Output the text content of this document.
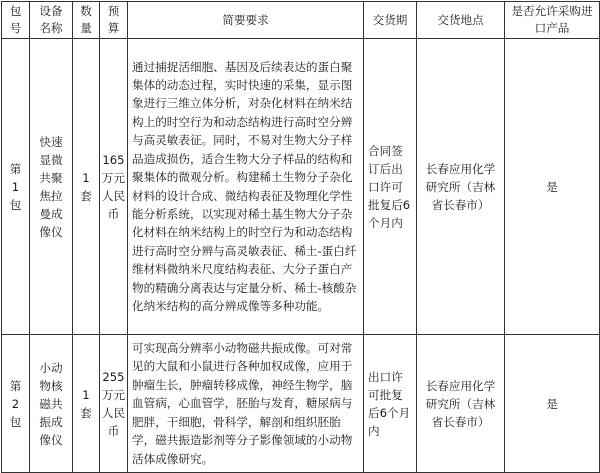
包号	设备名称	数量	预算	简要要求	交货期	交货地点	是否允许采购进口产品
第1包	快速显微共聚焦拉曼成像仪	1套	165万元人民币	通过捕捉活细胞、基因及后续表达的蛋白聚集体的动态过程，实时快速的采集，显示图象进行三维立体分析，对杂化材料在纳米结构上的时空行为和动态结构进行高时空分辨与高灵敏表征。同时，不易对生物大分子样品造成损伤，适合生物大分子样品的结构和聚集体的微观分析。构建稀土生物分子杂化材料的设计合成、微结构表征及物理化学性能分析系统，以实现对稀土基生物大分子杂化材料在纳米结构上的时空行为和动态结构进行高时空分辨与高灵敏表征、稀土-蛋白纤维材料微纳米尺度结构表征、大分子蛋白产物的精确分离表达与定量分析、稀土-核酸杂化纳米结构的高分辨成像等多种功能。	合同签订后出口许可批复后6个月内	长春应用化学研究所（吉林省长春市）	是
第2包	小动物核磁共振成像仪	1套	255万元人民币	可实现高分辨率小动物磁共振成像。可对常见的大鼠和小鼠进行各种加权成像，应用于肿瘤生长，肿瘤转移成像，神经生物学，脑血管病，心血管学，胚胎与发育，糖尿病与肥胖，干细胞，骨科学，解剖和组织胚胎学，磁共振造影剂等分子影像领域的小动物活体成像研究。	出口许可批复后6个月内	长春应用化学研究所（吉林省长春市）	是
